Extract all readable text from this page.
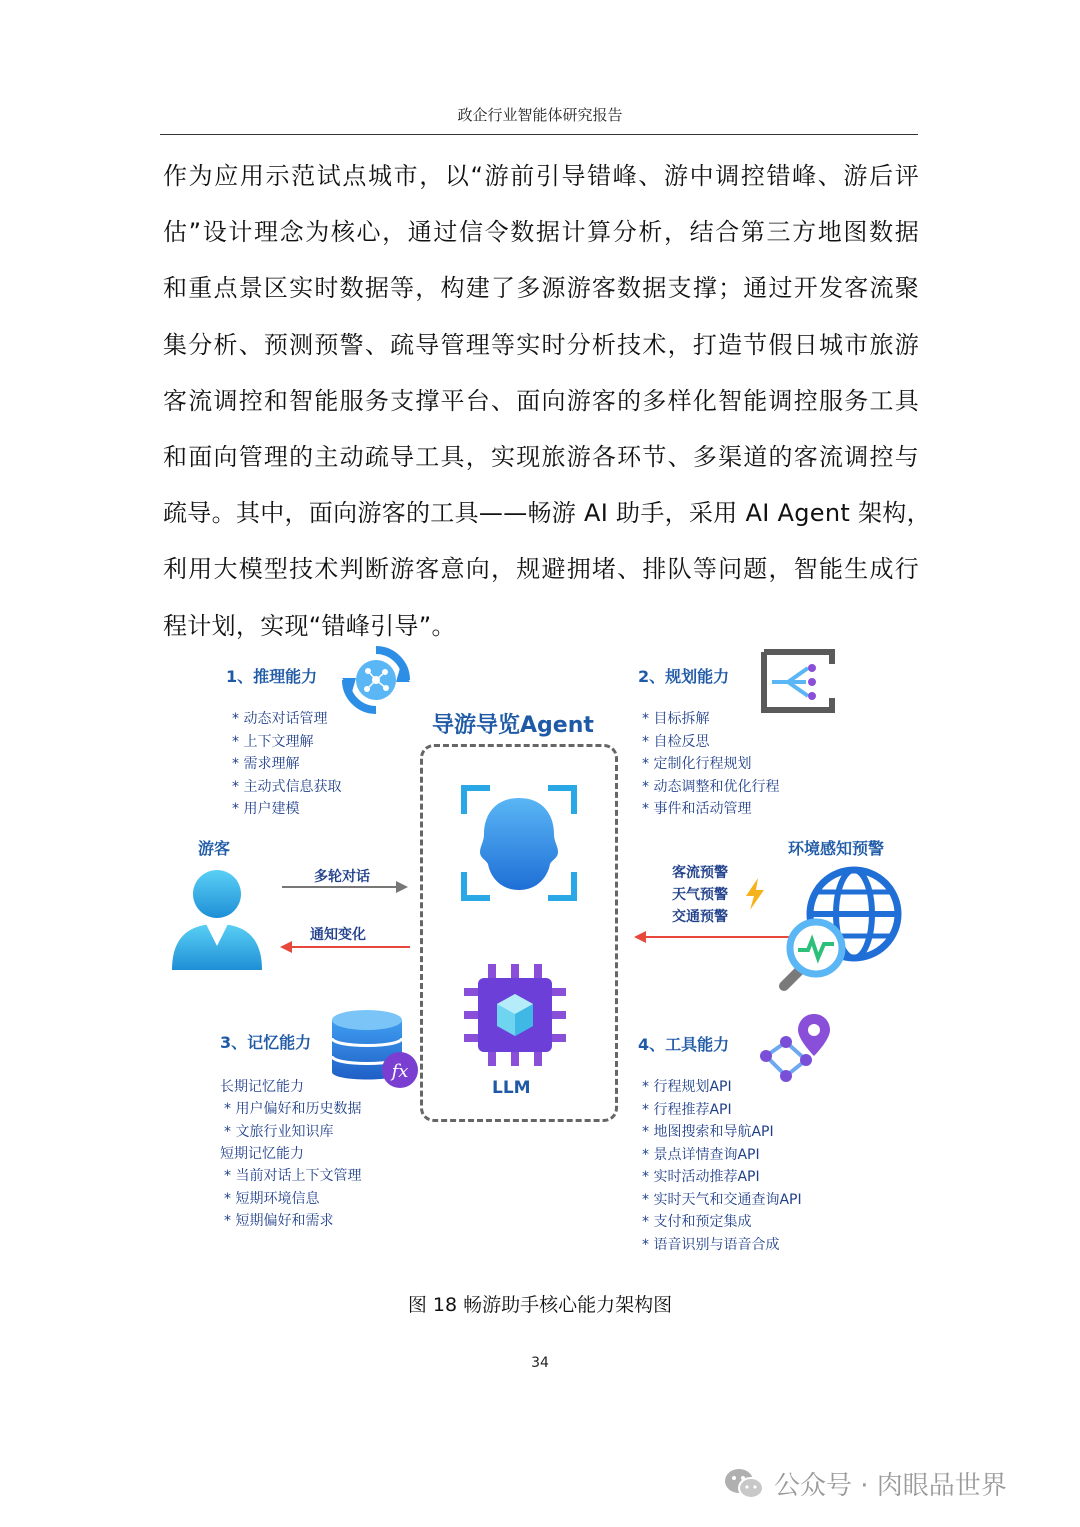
政企行业智能体研究报告
作为应用示范试点城市，以“游前引导错峰、游中调控错峰、游后评
估”设计理念为核心，通过信令数据计算分析，结合第三方地图数据
和重点景区实时数据等，构建了多源游客数据支撑；通过开发客流聚
集分析、预测预警、疏导管理等实时分析技术，打造节假日城市旅游
客流调控和智能服务支撑平台、面向游客的多样化智能调控服务工具
和面向管理的主动疏导工具，实现旅游各环节、多渠道的客流调控与
疏导。其中，面向游客的工具——畅游 AI 助手，采用 AI Agent 架构，
利用大模型技术判断游客意向，规避拥堵、排队等问题，智能生成行
程计划，实现“错峰引导”。
1、推理能力
* 动态对话管理
* 上下文理解
* 需求理解
* 主动式信息获取
* 用户建模
2、规划能力
* 目标拆解
* 自检反思
* 定制化行程规划
* 动态调整和优化行程
* 事件和活动管理
导游导览Agent
LLM
游客
多轮对话
通知变化
环境感知预警
客流预警
天气预警
交通预警
3、记忆能力
fx
长期记忆能力
* 用户偏好和历史数据
* 文旅行业知识库
短期记忆能力
* 当前对话上下文管理
* 短期环境信息
* 短期偏好和需求
4、工具能力
* 行程规划API
* 行程推荐API
* 地图搜索和导航API
* 景点详情查询API
* 实时活动推荐API
* 实时天气和交通查询API
* 支付和预定集成
* 语音识别与语音合成
图 18 畅游助手核心能力架构图
34
公众号 · 肉眼品世界
